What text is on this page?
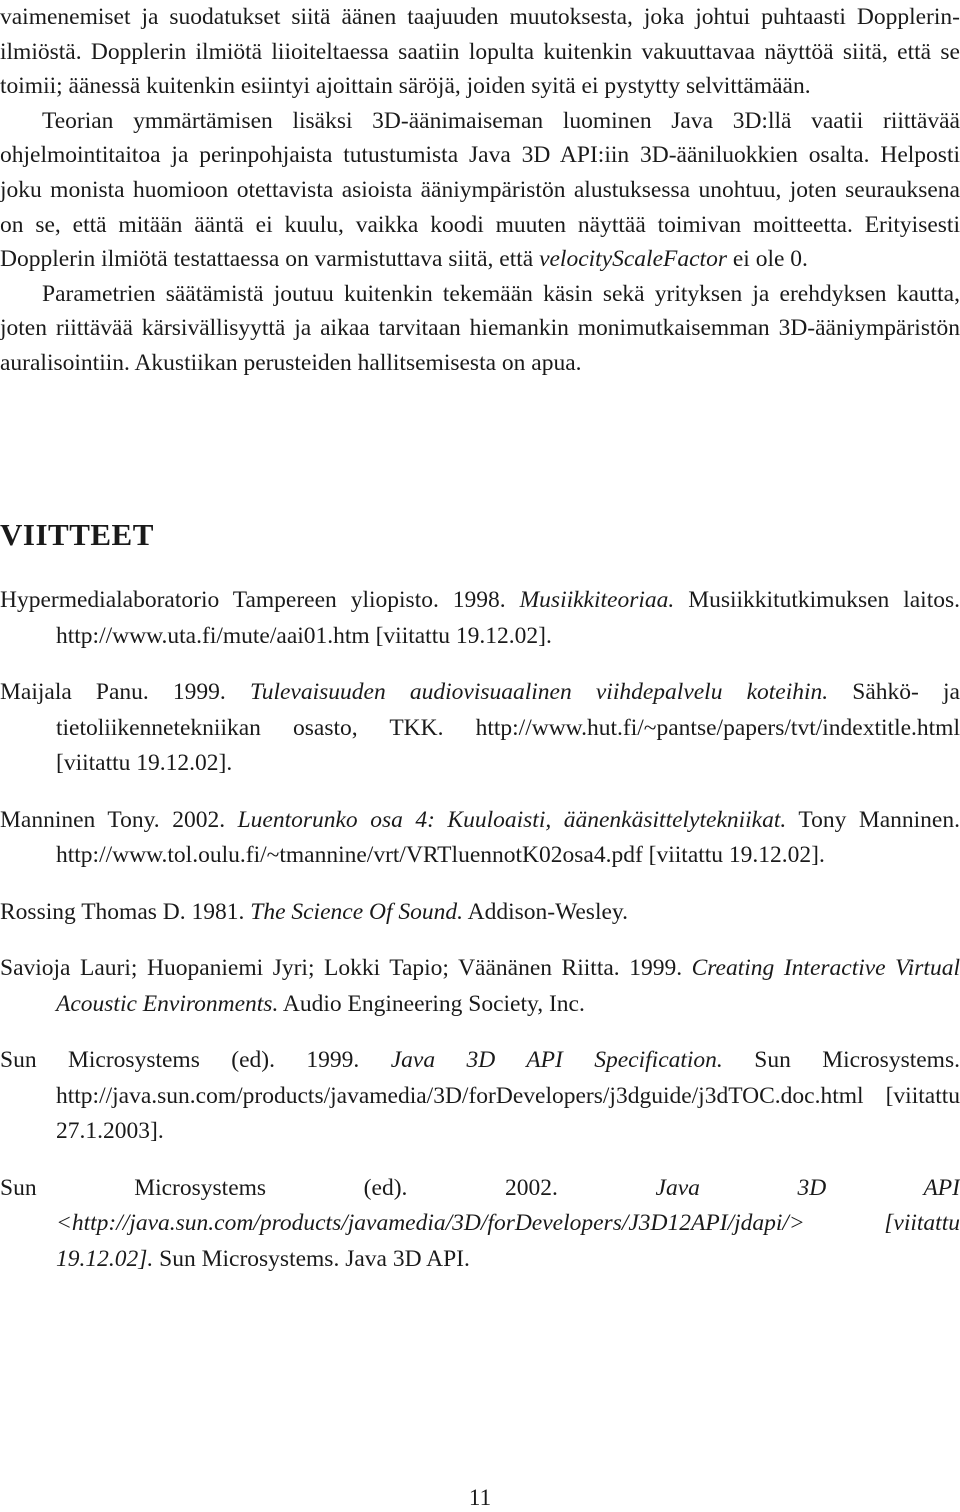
vaimenemiset ja suodatukset siitä äänen taajuuden muutoksesta, joka johtui puhtaasti Dopplerin-ilmiöstä. Dopplerin ilmiötä liioiteltaessa saatiin lopulta kuitenkin vakuuttavaa näyttöä siitä, että se toimii; äänessä kuitenkin esiintyi ajoittain säröjä, joiden syitä ei pystytty selvittämään.

Teorian ymmärtämisen lisäksi 3D-äänimaiseman luominen Java 3D:llä vaatii riittävää ohjelmointitaitoa ja perinpohjaista tutustumista Java 3D API:iin 3D-ääniluokkien osalta. Helposti joku monista huomioon otettavista asioista ääniympäristön alustuksessa unohtuu, joten seurauksena on se, että mitään ääntä ei kuulu, vaikka koodi muuten näyttää toimivan moitteetta. Erityisesti Dopplerin ilmiötä testattaessa on varmistuttava siitä, että velocityScaleFactor ei ole 0.

Parametrien säätämistä joutuu kuitenkin tekemään käsin sekä yrityksen ja erehdyksen kautta, joten riittävää kärsivällisyyttä ja aikaa tarvitaan hiemankin monimutkaisemman 3D-ääniympäristön auralisointiin. Akustiikan perusteiden hallitsemisesta on apua.

VIITTEET

Hypermedialaboratorio Tampereen yliopisto. 1998. Musiikkiteoriaa. Musiikkitutkimuksen laitos. http://www.uta.fi/mute/aai01.htm [viitattu 19.12.02].

Maijala Panu. 1999. Tulevaisuuden audiovisuaalinen viihdepalvelu koteihin. Sähkö- ja tietoliikennetekniikan osasto, TKK. http://www.hut.fi/~pantse/papers/tvt/indextitle.html [viitattu 19.12.02].

Manninen Tony. 2002. Luentorunko osa 4: Kuuloaisti, äänenkäsittelytekniikat. Tony Manninen. http://www.tol.oulu.fi/~tmannine/vrt/VRTluennotK02osa4.pdf [viitattu 19.12.02].

Rossing Thomas D. 1981. The Science Of Sound. Addison-Wesley.

Savioja Lauri; Huopaniemi Jyri; Lokki Tapio; Väänänen Riitta. 1999. Creating Interactive Virtual Acoustic Environments. Audio Engineering Society, Inc.

Sun Microsystems (ed). 1999. Java 3D API Specification. Sun Microsystems. http://java.sun.com/products/javamedia/3D/forDevelopers/j3dguide/j3dTOC.doc.html [viitattu 27.1.2003].

Sun Microsystems (ed). 2002. Java 3D API <http://java.sun.com/products/javamedia/3D/forDevelopers/J3D12API/jdapi/> [viitattu 19.12.02]. Sun Microsystems. Java 3D API.

11
